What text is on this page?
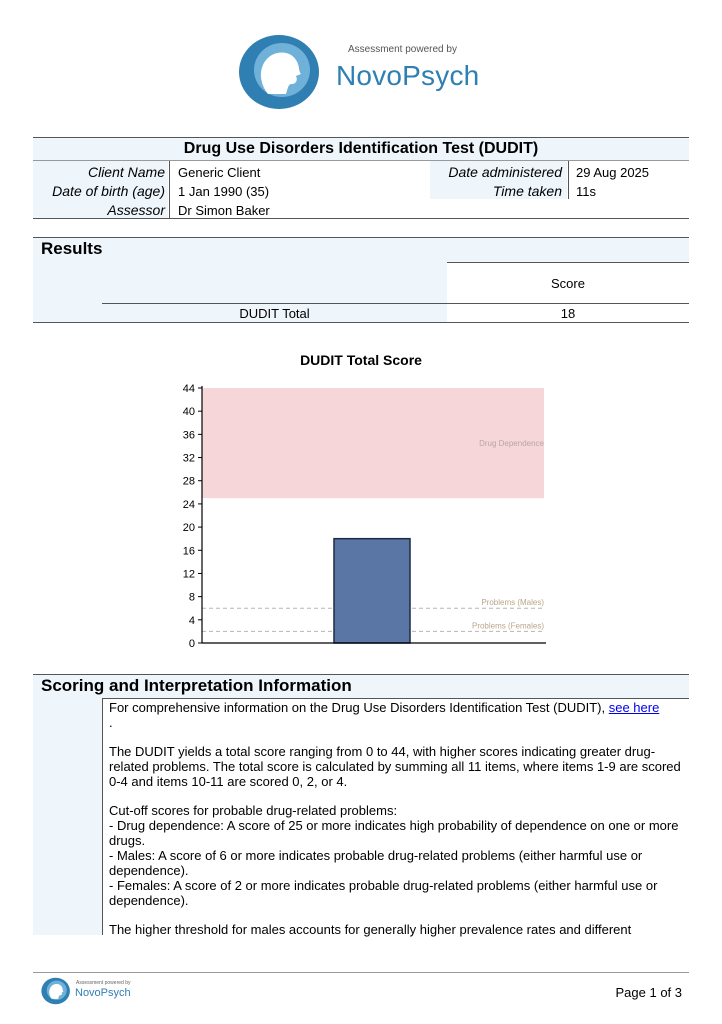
Assessment powered by
NovoPsych
Drug Use Disorders Identification Test (DUDIT)
Client Name Generic Client
Date of birth (age) 1 Jan 1990 (35)
Assessor Dr Simon Baker
Date administered 29 Aug 2025
Time taken 11s
Results
Score
DUDIT Total	18
DUDIT Total Score
Drug Dependence
Problems (Males)
Problems (Females)
0
4
8
12
16
20
24
28
32
36
40
44
Scoring and Interpretation Information

For comprehensive information on the Drug Use Disorders Identification Test (DUDIT), see here
.

The DUDIT yields a total score ranging from 0 to 44, with higher scores indicating greater drug-related problems. The total score is calculated by summing all 11 items, where items 1-9 are scored 0-4 and items 10-11 are scored 0, 2, or 4.

Cut-off scores for probable drug-related problems:
- Drug dependence: A score of 25 or more indicates high probability of dependence on one or more drugs.
- Males: A score of 6 or more indicates probable drug-related problems (either harmful use or dependence).
- Females: A score of 2 or more indicates probable drug-related problems (either harmful use or dependence).

The higher threshold for males accounts for generally higher prevalence rates and different

Assessment powered by
NovoPsych	Page 1 of 3
